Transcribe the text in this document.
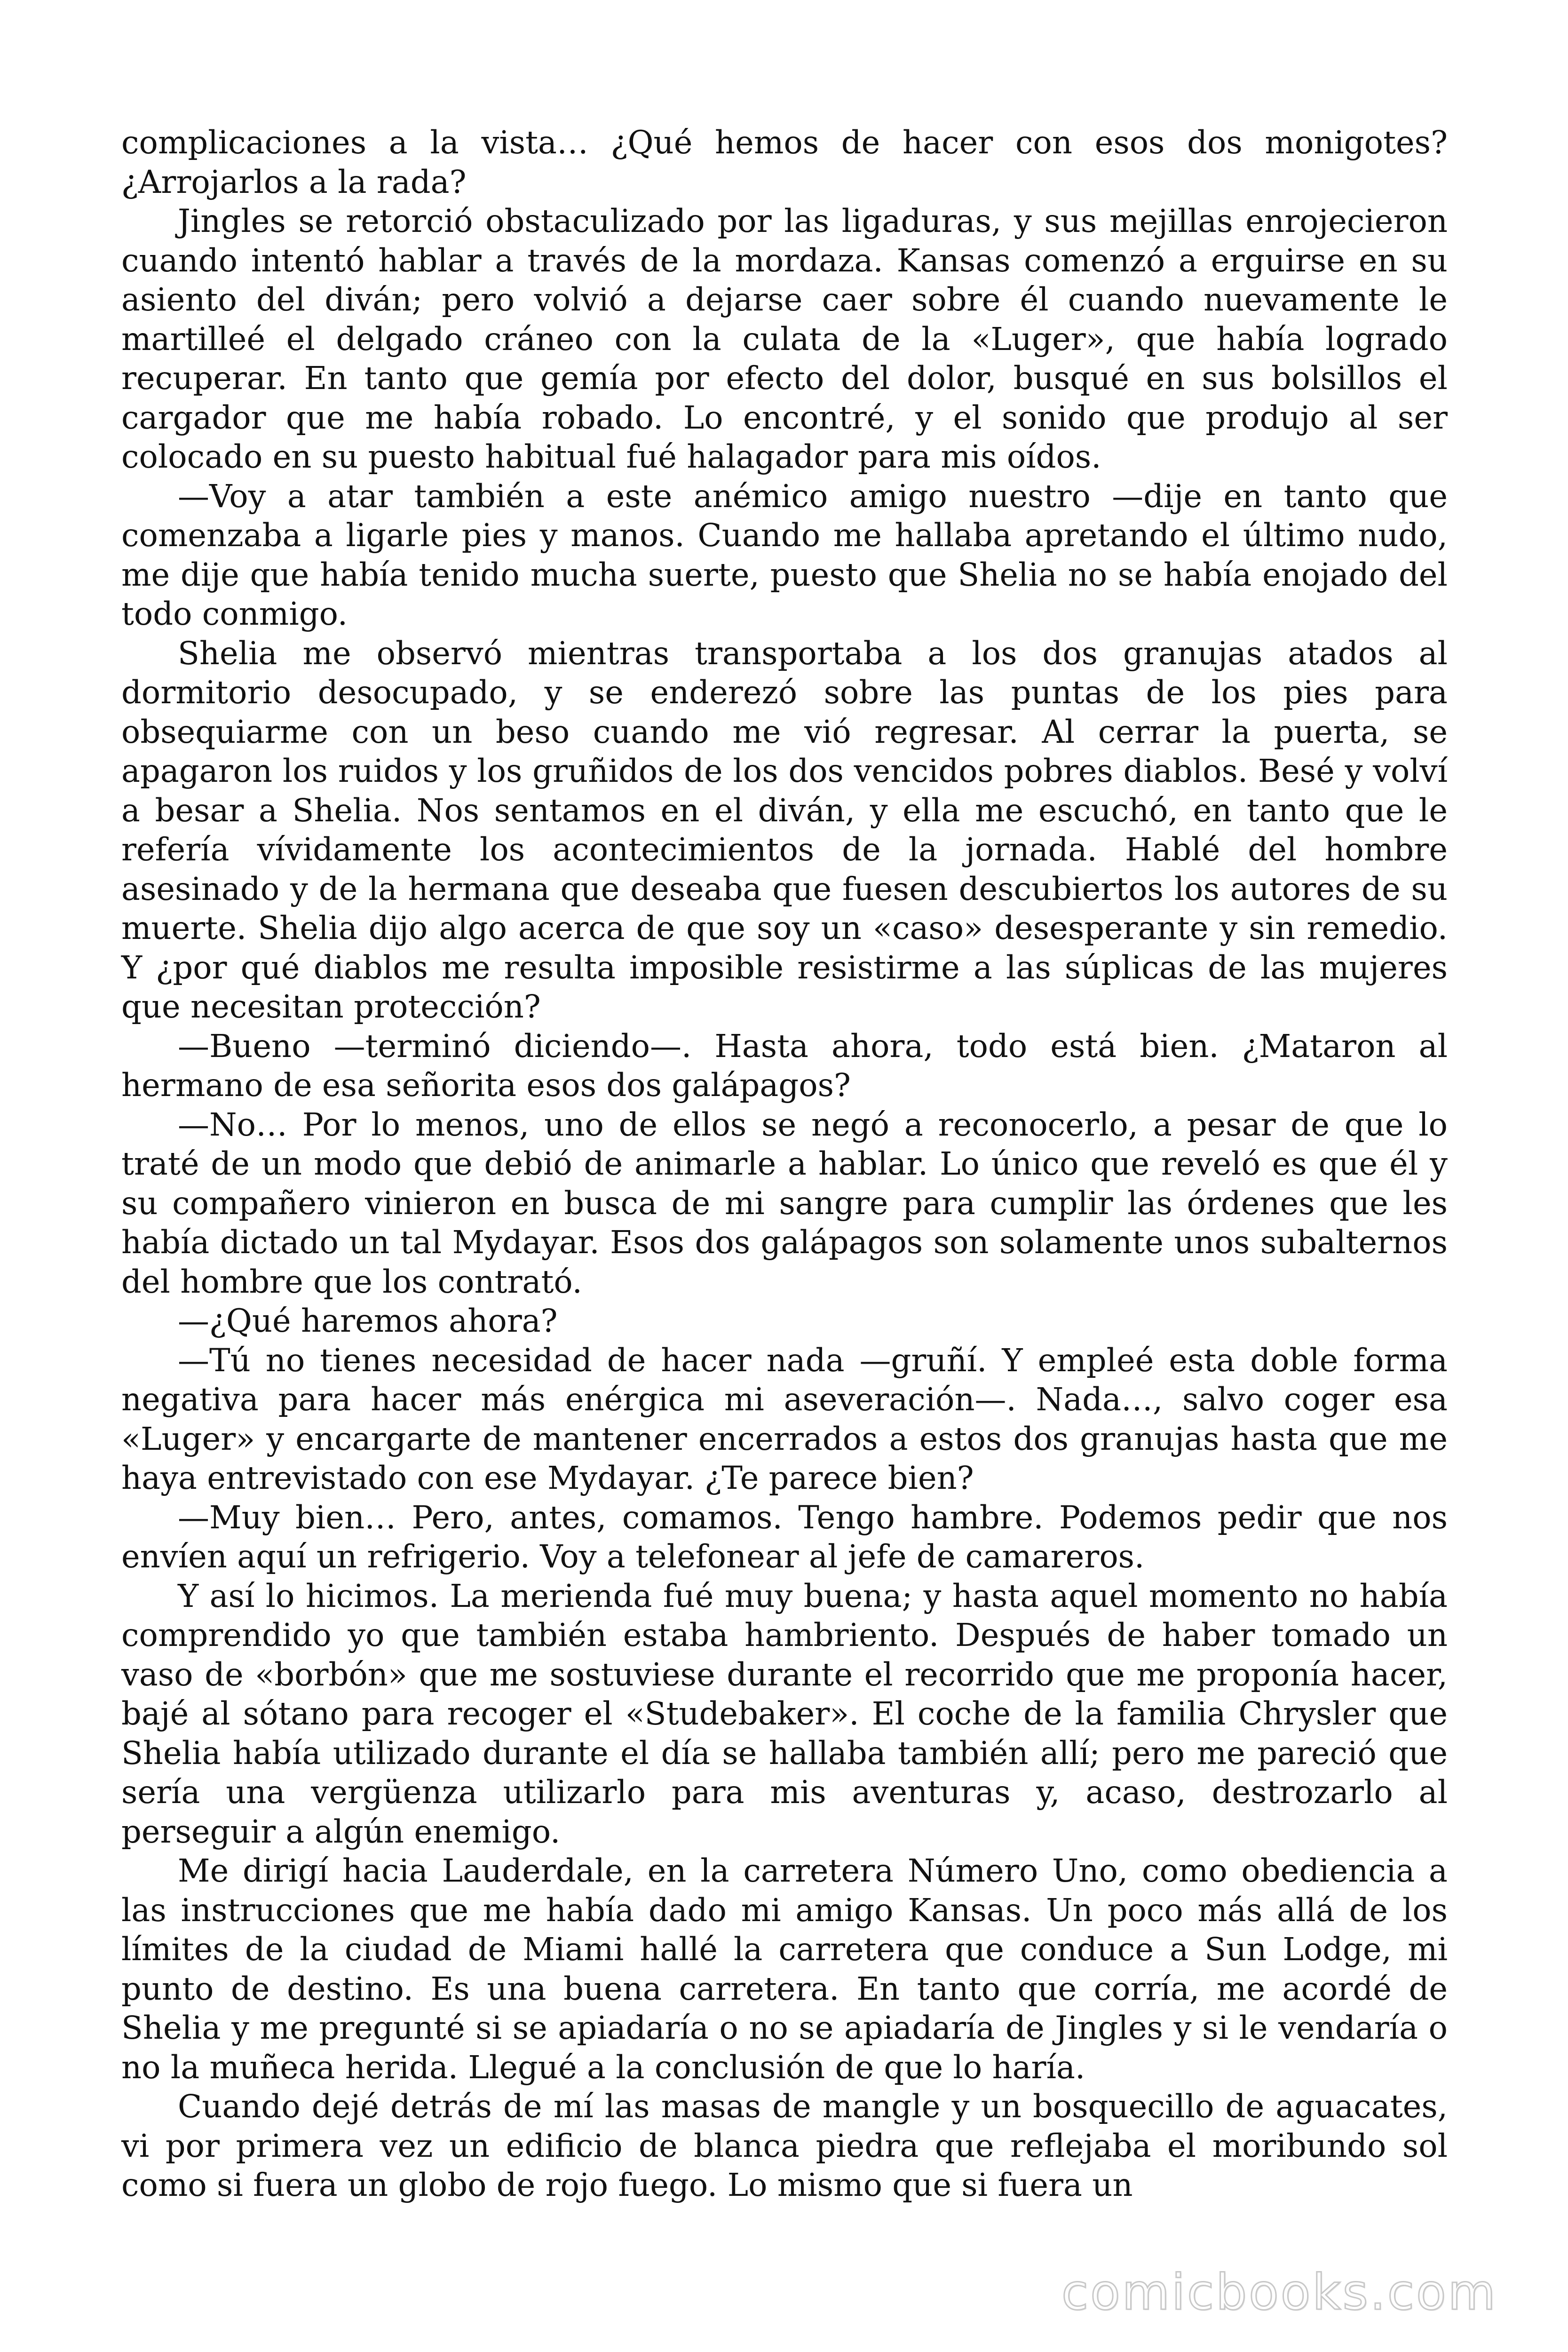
complicaciones a la vista… ¿Qué hemos de hacer con esos dos monigotes? ¿Arrojarlos a la rada?

Jingles se retorció obstaculizado por las ligaduras, y sus mejillas enrojecieron cuando intentó hablar a través de la mordaza. Kansas comenzó a erguirse en su asiento del diván; pero volvió a dejarse caer sobre él cuando nuevamente le martilleé el delgado cráneo con la culata de la «Luger», que había logrado recuperar. En tanto que gemía por efecto del dolor, busqué en sus bolsillos el cargador que me había robado. Lo encontré, y el sonido que produjo al ser colocado en su puesto habitual fué halagador para mis oídos.

—Voy a atar también a este anémico amigo nuestro —dije en tanto que comenzaba a ligarle pies y manos. Cuando me hallaba apretando el último nudo, me dije que había tenido mucha suerte, puesto que Shelia no se había enojado del todo conmigo.

Shelia me observó mientras transportaba a los dos granujas atados al dormitorio desocupado, y se enderezó sobre las puntas de los pies para obsequiarme con un beso cuando me vió regresar. Al cerrar la puerta, se apagaron los ruidos y los gruñidos de los dos vencidos pobres diablos. Besé y volví a besar a Shelia. Nos sentamos en el diván, y ella me escuchó, en tanto que le refería vívidamente los acontecimientos de la jornada. Hablé del hombre asesinado y de la hermana que deseaba que fuesen descubiertos los autores de su muerte. Shelia dijo algo acerca de que soy un «caso» desesperante y sin remedio. Y ¿por qué diablos me resulta imposible resistirme a las súplicas de las mujeres que necesitan protección?

—Bueno —terminó diciendo—. Hasta ahora, todo está bien. ¿Mataron al hermano de esa señorita esos dos galápagos?

—No… Por lo menos, uno de ellos se negó a reconocerlo, a pesar de que lo traté de un modo que debió de animarle a hablar. Lo único que reveló es que él y su compañero vinieron en busca de mi sangre para cumplir las órdenes que les había dictado un tal Mydayar. Esos dos galápagos son solamente unos subalternos del hombre que los contrató.

—¿Qué haremos ahora?

—Tú no tienes necesidad de hacer nada —gruñí. Y empleé esta doble forma negativa para hacer más enérgica mi aseveración—. Nada…, salvo coger esa «Luger» y encargarte de mantener encerrados a estos dos granujas hasta que me haya entrevistado con ese Mydayar. ¿Te parece bien?

—Muy bien… Pero, antes, comamos. Tengo hambre. Podemos pedir que nos envíen aquí un refrigerio. Voy a telefonear al jefe de camareros.

Y así lo hicimos. La merienda fué muy buena; y hasta aquel momento no había comprendido yo que también estaba hambriento. Después de haber tomado un vaso de «borbón» que me sostuviese durante el recorrido que me proponía hacer, bajé al sótano para recoger el «Studebaker». El coche de la familia Chrysler que Shelia había utilizado durante el día se hallaba también allí; pero me pareció que sería una vergüenza utilizarlo para mis aventuras y, acaso, destrozarlo al perseguir a algún enemigo.

Me dirigí hacia Lauderdale, en la carretera Número Uno, como obediencia a las instrucciones que me había dado mi amigo Kansas. Un poco más allá de los límites de la ciudad de Miami hallé la carretera que conduce a Sun Lodge, mi punto de destino. Es una buena carretera. En tanto que corría, me acordé de Shelia y me pregunté si se apiadaría o no se apiadaría de Jingles y si le vendaría o no la muñeca herida. Llegué a la conclusión de que lo haría.

Cuando dejé detrás de mí las masas de mangle y un bosquecillo de aguacates, vi por primera vez un edificio de blanca piedra que reflejaba el moribundo sol como si fuera un globo de rojo fuego. Lo mismo que si fuera un

comicbooks.com
